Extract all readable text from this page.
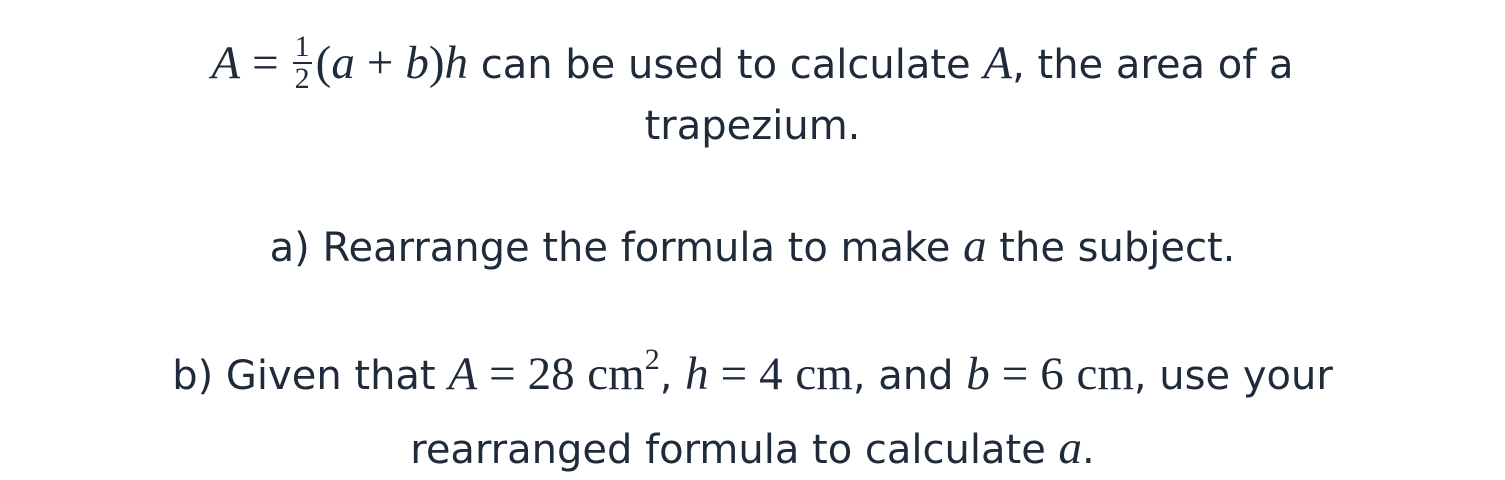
$A = \frac{1}{2} (a + b)h$ can be used to calculate A, the area of a
trapezium.
a) Rearrange the formula to make a the subject.
b) Given that A = 28 $cm^2$, h = 4 cm, and b = 6 cm, use your
rearranged formula to calculate a.
